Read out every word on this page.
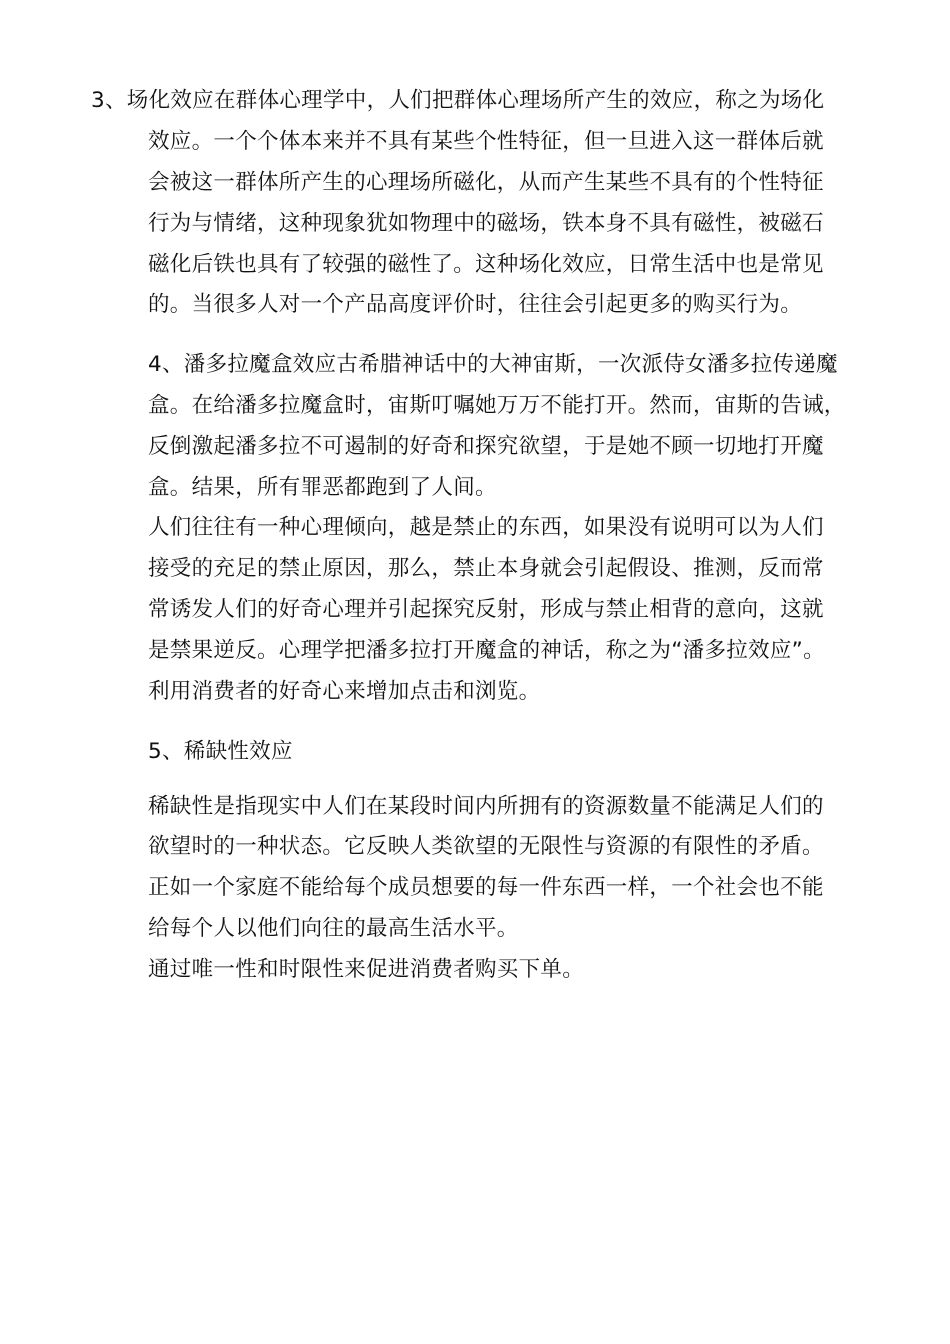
3、场化效应在群体心理学中，人们把群体心理场所产生的效应，称之为场化
效应。一个个体本来并不具有某些个性特征，但一旦进入这一群体后就
会被这一群体所产生的心理场所磁化，从而产生某些不具有的个性特征
行为与情绪，这种现象犹如物理中的磁场，铁本身不具有磁性，被磁石
磁化后铁也具有了较强的磁性了。这种场化效应，日常生活中也是常见
的。当很多人对一个产品高度评价时，往往会引起更多的购买行为。
4、潘多拉魔盒效应古希腊神话中的大神宙斯，一次派侍女潘多拉传递魔
盒。在给潘多拉魔盒时，宙斯叮嘱她万万不能打开。然而，宙斯的告诫，
反倒激起潘多拉不可遏制的好奇和探究欲望，于是她不顾一切地打开魔
盒。结果，所有罪恶都跑到了人间。
人们往往有一种心理倾向，越是禁止的东西，如果没有说明可以为人们
接受的充足的禁止原因，那么，禁止本身就会引起假设、推测，反而常
常诱发人们的好奇心理并引起探究反射，形成与禁止相背的意向，这就
是禁果逆反。心理学把潘多拉打开魔盒的神话，称之为“潘多拉效应”。
利用消费者的好奇心来增加点击和浏览。
5、稀缺性效应
稀缺性是指现实中人们在某段时间内所拥有的资源数量不能满足人们的
欲望时的一种状态。它反映人类欲望的无限性与资源的有限性的矛盾。
正如一个家庭不能给每个成员想要的每一件东西一样，一个社会也不能
给每个人以他们向往的最高生活水平。
通过唯一性和时限性来促进消费者购买下单。
